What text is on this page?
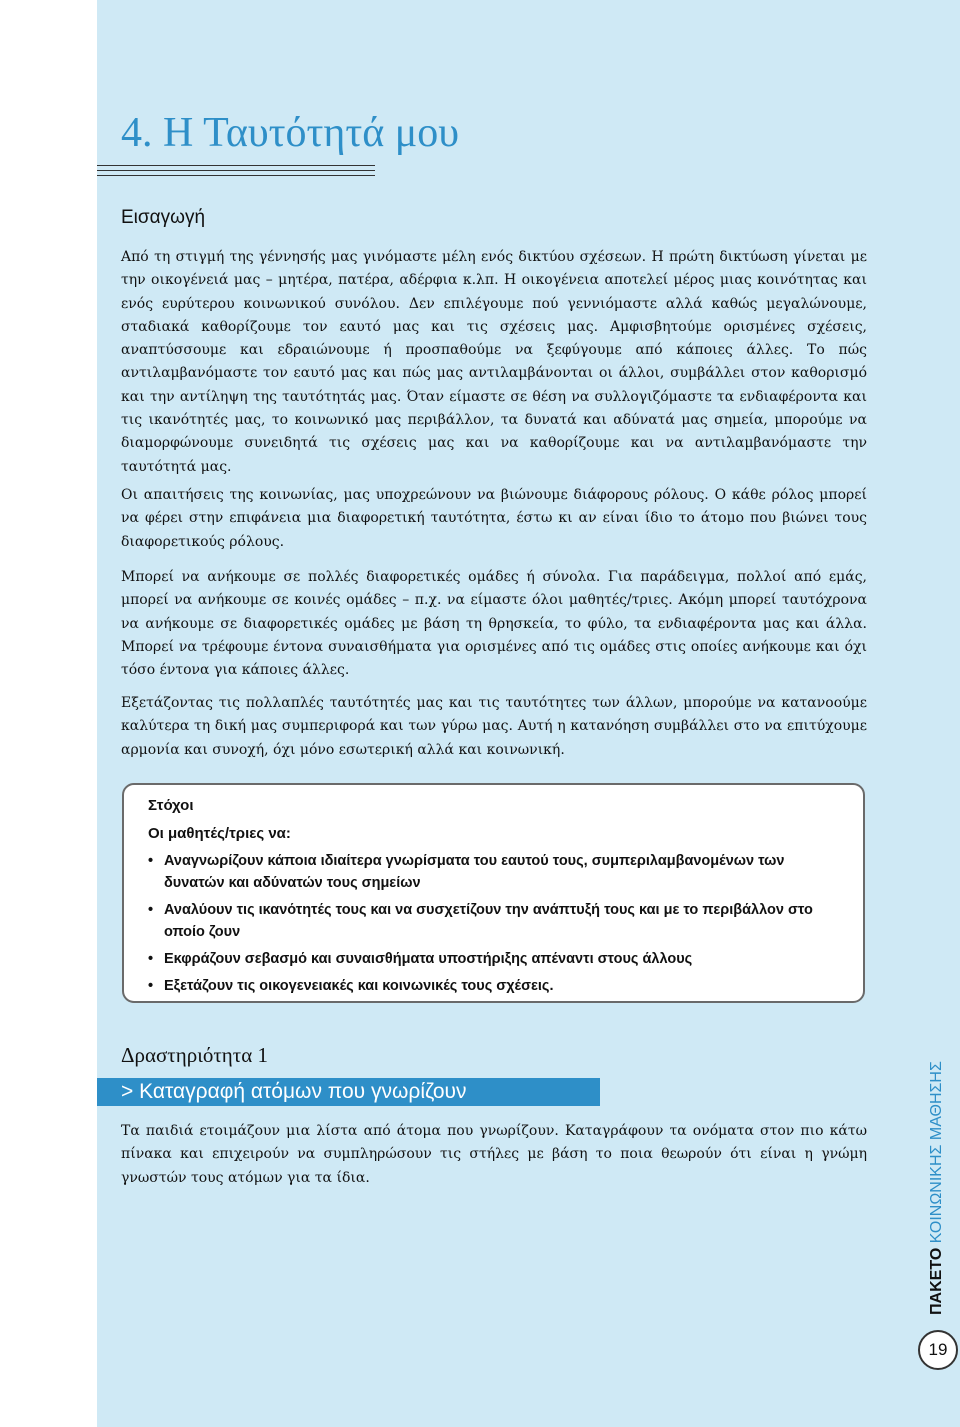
4. Η Ταυτότητά μου
Εισαγωγή

Από τη στιγμή της γέννησής μας γινόμαστε μέλη ενός δικτύου σχέσεων. Η πρώτη δικτύωση γίνεται με την οικογένειά μας – μητέρα, πατέρα, αδέρφια κ.λπ. Η οικογένεια αποτελεί μέρος μιας κοινότητας και ενός ευρύτερου κοινωνικού συνόλου. Δεν επιλέγουμε πού γεννιόμαστε αλλά καθώς μεγαλώνουμε, σταδιακά καθορίζουμε τον εαυτό μας και τις σχέσεις μας. Αμφισβητούμε ορισμένες σχέσεις, αναπτύσσουμε και εδραιώνουμε ή προσπαθούμε να ξεφύγουμε από κάποιες άλλες. Το πώς αντιλαμβανόμαστε τον εαυτό μας και πώς μας αντιλαμβάνονται οι άλλοι, συμβάλλει στον καθορισμό και την αντίληψη της ταυτότητάς μας. Όταν είμαστε σε θέση να συλλογιζόμαστε τα ενδιαφέροντα και τις ικανότητές μας, το κοινωνικό μας περιβάλλον, τα δυνατά και αδύνατά μας σημεία, μπορούμε να διαμορφώνουμε συνειδητά τις σχέσεις μας και να καθορίζουμε και να αντιλαμβανόμαστε την ταυτότητά μας.

Οι απαιτήσεις της κοινωνίας, μας υποχρεώνουν να βιώνουμε διάφορους ρόλους. Ο κάθε ρόλος μπορεί να φέρει στην επιφάνεια μια διαφορετική ταυτότητα, έστω κι αν είναι ίδιο το άτομο που βιώνει τους διαφορετικούς ρόλους.

Μπορεί να ανήκουμε σε πολλές διαφορετικές ομάδες ή σύνολα. Για παράδειγμα, πολλοί από εμάς, μπορεί να ανήκουμε σε κοινές ομάδες – π.χ. να είμαστε όλοι μαθητές/τριες. Ακόμη μπορεί ταυτόχρονα να ανήκουμε σε διαφορετικές ομάδες με βάση τη θρησκεία, το φύλο, τα ενδιαφέροντα μας και άλλα. Μπορεί να τρέφουμε έντονα συναισθήματα για ορισμένες από τις ομάδες στις οποίες ανήκουμε και όχι τόσο έντονα για κάποιες άλλες.

Εξετάζοντας τις πολλαπλές ταυτότητές μας και τις ταυτότητες των άλλων, μπορούμε να κατανοούμε καλύτερα τη δική μας συμπεριφορά και των γύρω μας. Αυτή η κατανόηση συμβάλλει στο να επιτύχουμε αρμονία και συνοχή, όχι μόνο εσωτερική αλλά και κοινωνική.

Στόχοι
Οι μαθητές/τριες να:
• Αναγνωρίζουν κάποια ιδιαίτερα γνωρίσματα του εαυτού τους, συμπεριλαμβανομένων των δυνατών και αδύνατών τους σημείων
• Αναλύουν τις ικανότητές τους και να συσχετίζουν την ανάπτυξή τους και με το περιβάλλον στο οποίο ζουν
• Εκφράζουν σεβασμό και συναισθήματα υποστήριξης απέναντι στους άλλους
• Εξετάζουν τις οικογενειακές και κοινωνικές τους σχέσεις.
Δραστηριότητα 1
> Καταγραφή ατόμων που γνωρίζουν

Τα παιδιά ετοιμάζουν μια λίστα από άτομα που γνωρίζουν. Καταγράφουν τα ονόματα στον πιο κάτω πίνακα και επιχειρούν να συμπληρώσουν τις στήλες με βάση το ποια θεωρούν ότι είναι η γνώμη γνωστών τους ατόμων για τα ίδια.

ΠΑΚΕΤΟ ΚΟΙΝΩΝΙΚΗΣ ΜΑΘΗΣΗΣ
19
